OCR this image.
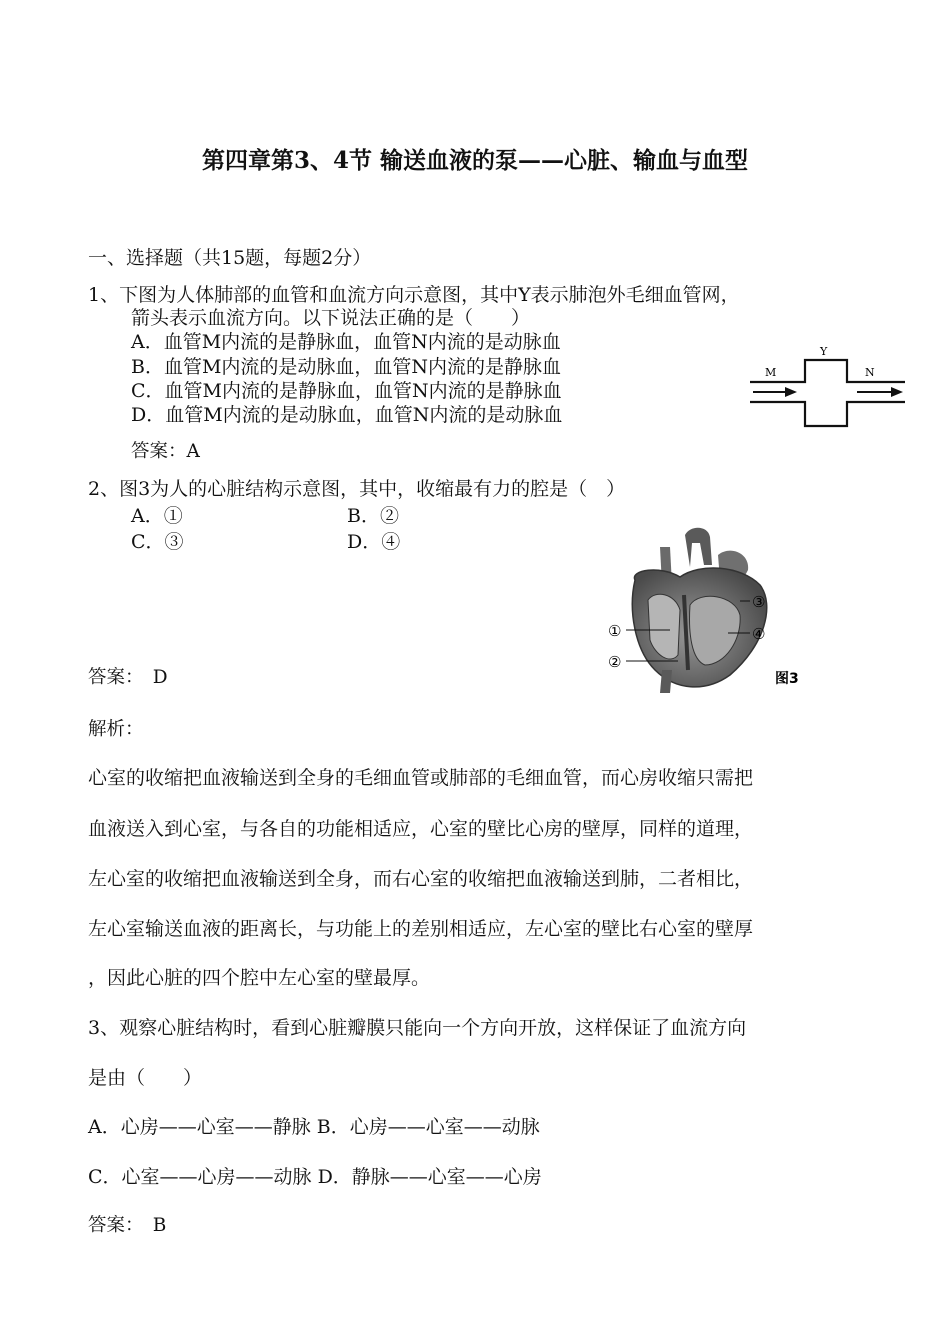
第四章第3、4节 输送血液的泵——心脏、输血与血型
一、选择题（共15题，每题2分）
1、下图为人体肺部的血管和血流方向示意图，其中Y表示肺泡外毛细血管网，
箭头表示血流方向。以下说法正确的是（　　）
A．血管M内流的是静脉血，血管N内流的是动脉血
B．血管M内流的是动脉血，血管N内流的是静脉血
C．血管M内流的是静脉血，血管N内流的是静脉血
D．血管M内流的是动脉血，血管N内流的是动脉血
答案：A
Y
M	N
2、图3为人的心脏结构示意图，其中，收缩最有力的腔是（　）
A．①	B．②
C．③	D．④
①
②
③
④
图3
答案：　D
解析：
心室的收缩把血液输送到全身的毛细血管或肺部的毛细血管，而心房收缩只需把
血液送入到心室，与各自的功能相适应，心室的壁比心房的壁厚，同样的道理，
左心室的收缩把血液输送到全身，而右心室的收缩把血液输送到肺，二者相比，
左心室输送血液的距离长，与功能上的差别相适应，左心室的壁比右心室的壁厚
，因此心脏的四个腔中左心室的壁最厚。
3、观察心脏结构时，看到心脏瓣膜只能向一个方向开放，这样保证了血流方向
是由（　　）
A．心房——心室——静脉 B．心房——心室——动脉
C．心室——心房——动脉 D．静脉——心室——心房
答案：　B
